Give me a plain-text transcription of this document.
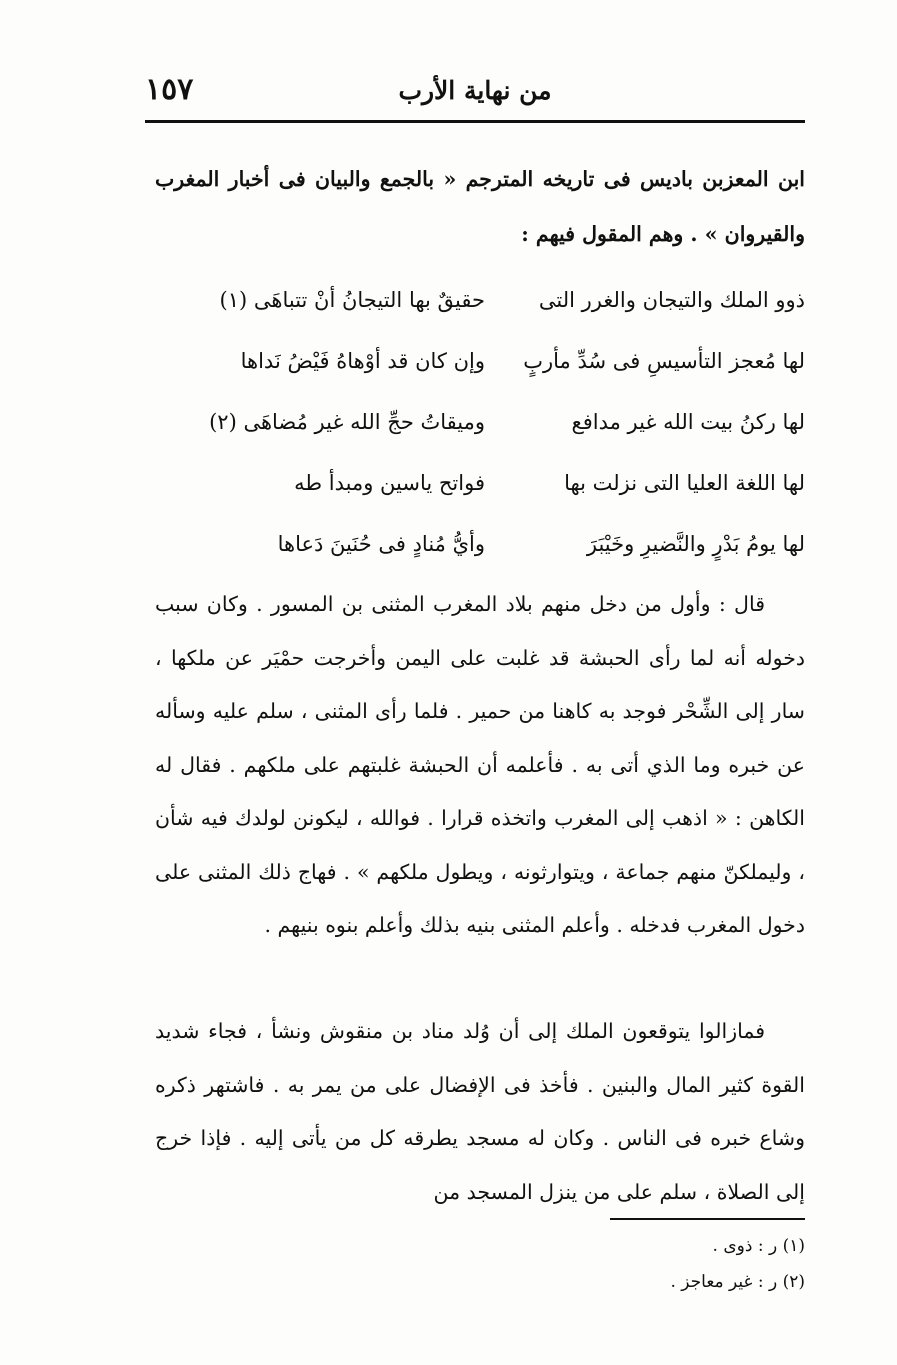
١٥٧	من نهاية الأرب

ابن المعزبن باديس فى تاريخه المترجم « بالجمع والبيان فى أخبار المغرب والقيروان » . وهم المقول فيهم :

ذوو الملك والتيجان والغرر التى
حقيقٌ بها التيجانُ أنْ تتباهَى (١)
لها مُعجز التأسيسِ فى سُدِّ مأربٍ
وإن كان قد أوْهاهُ فَيْضُ نَداها
لها ركنُ بيت الله غير مدافع
وميقاتُ حجِّ الله غير مُضاهَى (٢)
لها اللغة العليا التى نزلت بها
فواتح ياسين ومبدأ طه
لها يومُ بَدْرٍ والنَّضيرِ وخَيْبَرَ
وأيُّ مُنادٍ فى حُنَينَ دَعاها

قال : وأول من دخل منهم بلاد المغرب المثنى بن المسور . وكان سبب دخوله أنه لما رأى الحبشة قد غلبت على اليمن وأخرجت حمْيَر عن ملكها ، سار إلى الشِّحْر فوجد به كاهنا من حمير . فلما رأى المثنى ، سلم عليه وسأله عن خبره وما الذي أتى به . فأعلمه أن الحبشة غلبتهم على ملكهم . فقال له الكاهن : « اذهب إلى المغرب واتخذه قرارا . فوالله ، ليكونن لولدك فيه شأن ، وليملكنّ منهم جماعة ، ويتوارثونه ، ويطول ملكهم » . فهاج ذلك المثنى على دخول المغرب فدخله . وأعلم المثنى بنيه بذلك وأعلم بنوه بنيهم .

فمازالوا يتوقعون الملك إلى أن وُلد مناد بن منقوش ونشأ ، فجاء شديد القوة كثير المال والبنين . فأخذ فى الإفضال على من يمر به . فاشتهر ذكره وشاع خبره فى الناس . وكان له مسجد يطرقه كل من يأتى إليه . فإذا خرج إلى الصلاة ، سلم على من ينزل المسجد من

(١) ر : ذوى .
(٢) ر : غير معاجز .
